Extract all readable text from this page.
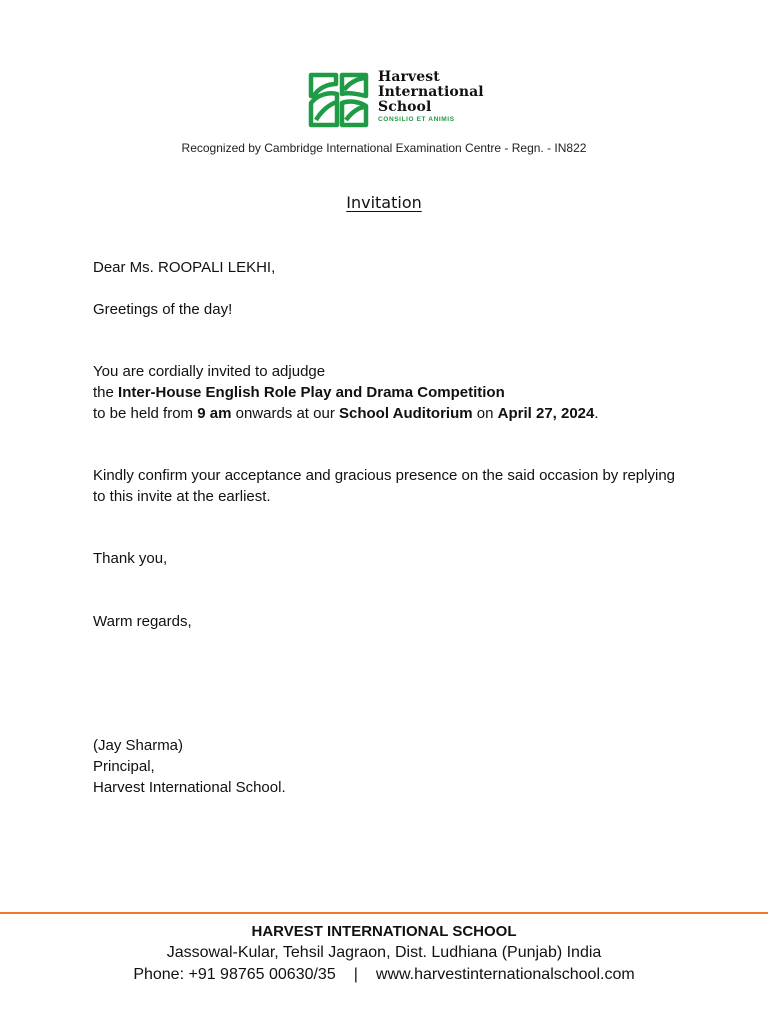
Harvest
International
School
CONSILIO ET ANIMIS
Recognized by Cambridge International Examination Centre - Regn. - IN822
Invitation
Dear Ms. ROOPALI LEKHI,
Greetings of the day!
You are cordially invited to adjudge
the Inter-House English Role Play and Drama Competition
to be held from 9 am onwards at our School Auditorium on April 27, 2024.
Kindly confirm your acceptance and gracious presence on the said occasion by replying to this invite at the earliest.
Thank you,
Warm regards,
(Jay Sharma)
Principal,
Harvest International School.
HARVEST INTERNATIONAL SCHOOL
Jassowal-Kular, Tehsil Jagraon, Dist. Ludhiana (Punjab) India
Phone: +91 98765 00630/35 | www.harvestinternationalschool.com
